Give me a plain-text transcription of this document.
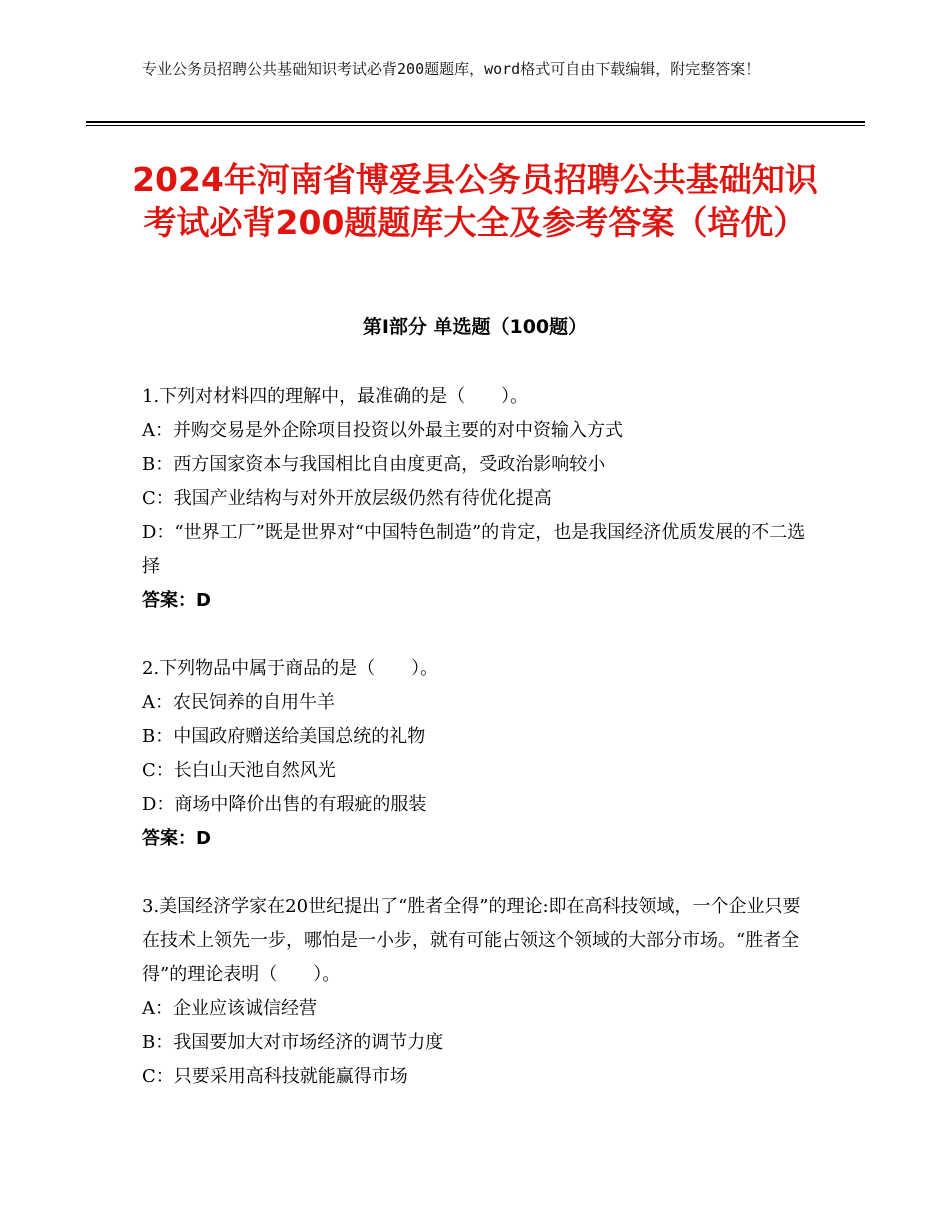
专业公务员招聘公共基础知识考试必背200题题库，word格式可自由下载编辑，附完整答案！
2024年河南省博爱县公务员招聘公共基础知识考试必背200题题库大全及参考答案（培优）
第I部分 单选题（100题）

1.下列对材料四的理解中，最准确的是（　　）。

A：并购交易是外企除项目投资以外最主要的对中资输入方式

B：西方国家资本与我国相比自由度更高，受政治影响较小

C：我国产业结构与对外开放层级仍然有待优化提高

D：“世界工厂”既是世界对“中国特色制造”的肯定，也是我国经济优质发展的不二选择

答案：D

2.下列物品中属于商品的是（　　）。

A：农民饲养的自用牛羊

B：中国政府赠送给美国总统的礼物

C：长白山天池自然风光

D：商场中降价出售的有瑕疵的服装

答案：D

3.美国经济学家在20世纪提出了“胜者全得”的理论:即在高科技领域，一个企业只要在技术上领先一步，哪怕是一小步，就有可能占领这个领域的大部分市场。“胜者全得”的理论表明（　　）。

A：企业应该诚信经营

B：我国要加大对市场经济的调节力度

C：只要采用高科技就能赢得市场
